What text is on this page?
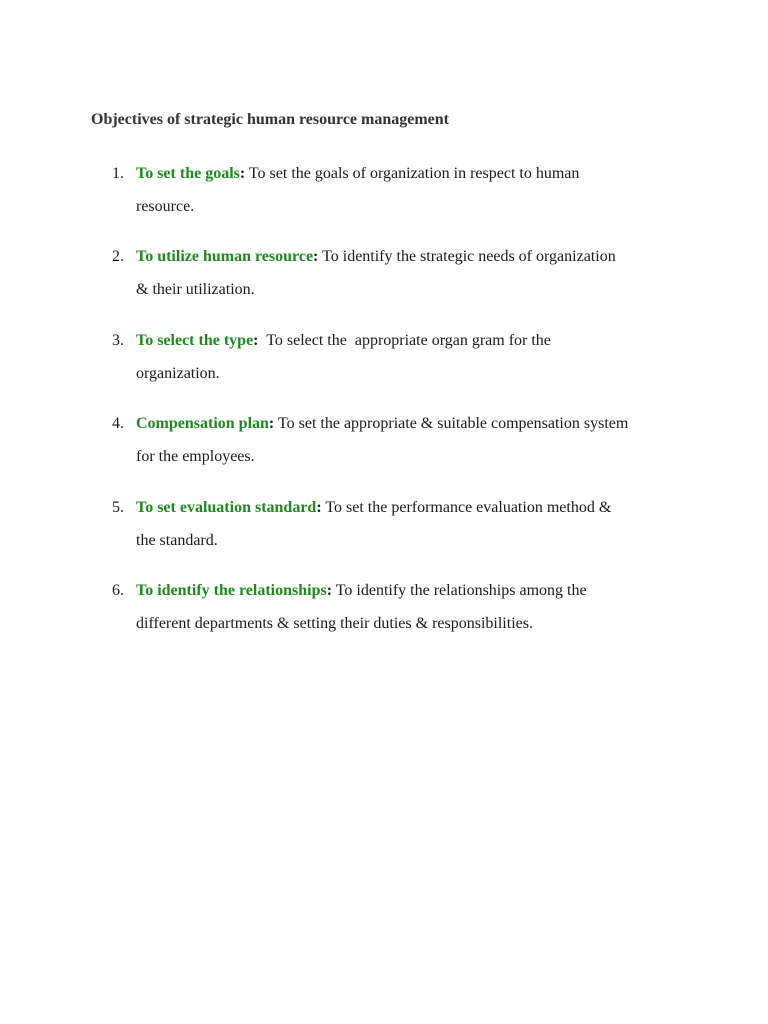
Objectives of strategic human resource management
1. To set the goals: To set the goals of organization in respect to human
resource.
2. To utilize human resource: To identify the strategic needs of organization
& their utilization.
3. To select the type:  To select the  appropriate organ gram for the
organization.
4. Compensation plan: To set the appropriate & suitable compensation system
for the employees.
5. To set evaluation standard: To set the performance evaluation method &
the standard.
6. To identify the relationships: To identify the relationships among the
different departments & setting their duties & responsibilities.
